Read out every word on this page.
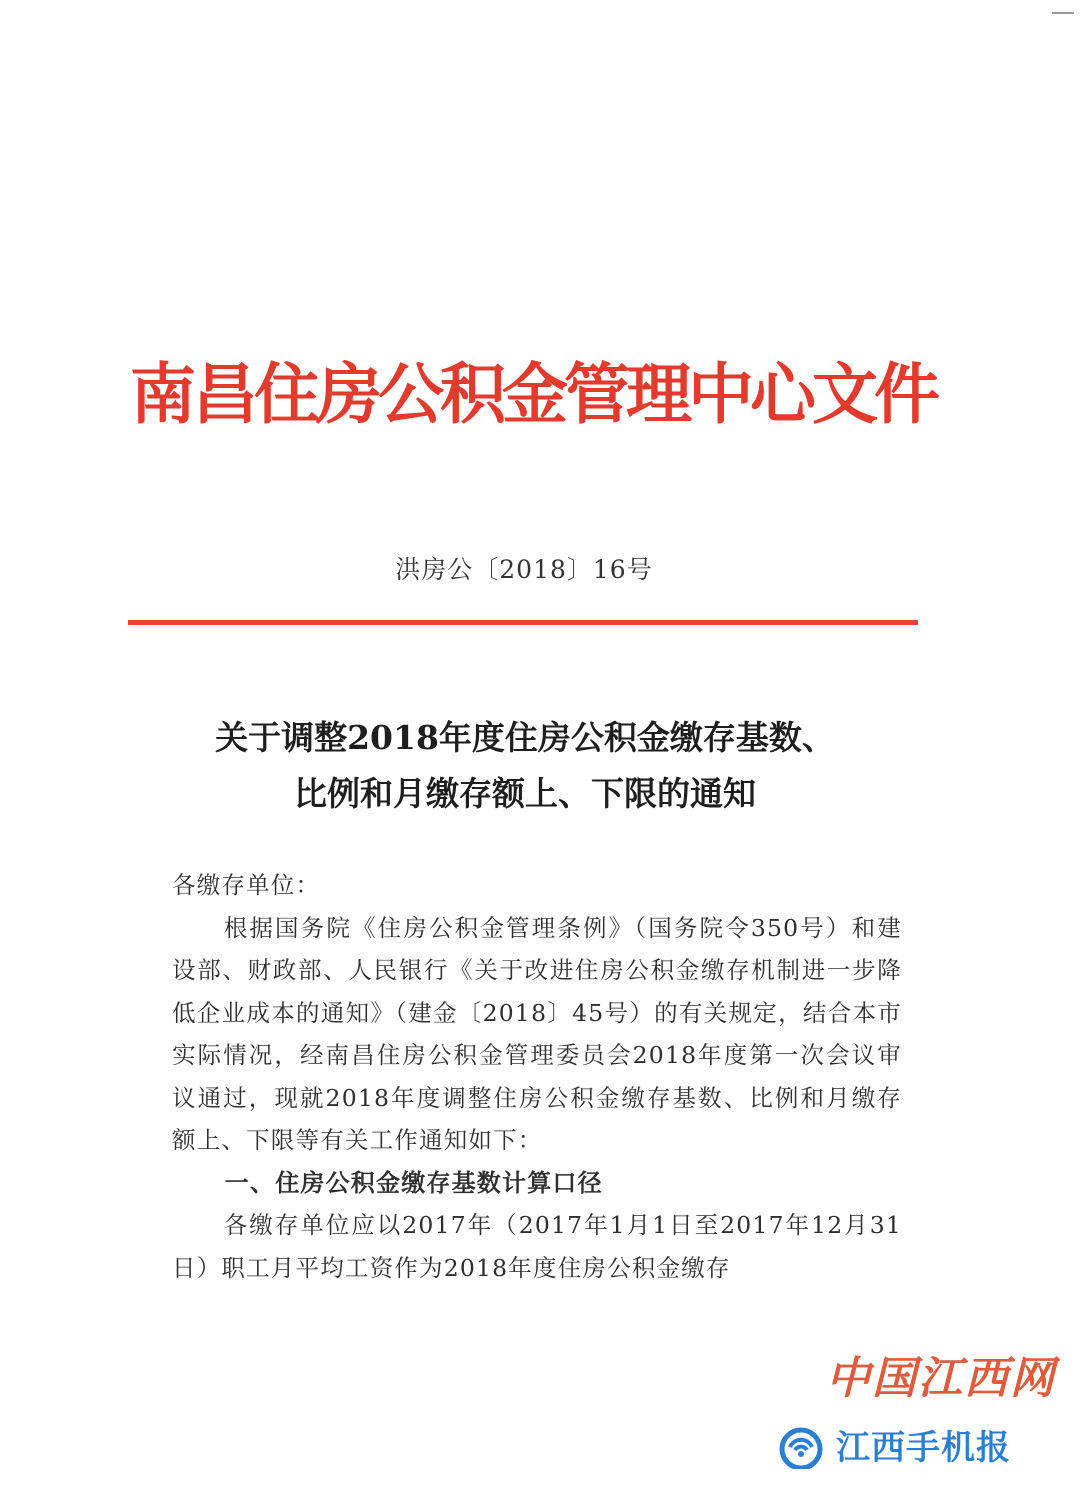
南昌住房公积金管理中心文件
洪房公〔2018〕16号
关于调整2018年度住房公积金缴存基数、
比例和月缴存额上、下限的通知

各缴存单位：

根据国务院《住房公积金管理条例》（国务院令350号）和建设部、财政部、人民银行《关于改进住房公积金缴存机制进一步降低企业成本的通知》（建金〔2018〕45号）的有关规定，结合本市实际情况，经南昌住房公积金管理委员会2018年度第一次会议审议通过，现就2018年度调整住房公积金缴存基数、比例和月缴存额上、下限等有关工作通知如下：

一、住房公积金缴存基数计算口径

各缴存单位应以2017年（2017年1月1日至2017年12月31日）职工月平均工资作为2018年度住房公积金缴存

中国江西网
江西手机报
